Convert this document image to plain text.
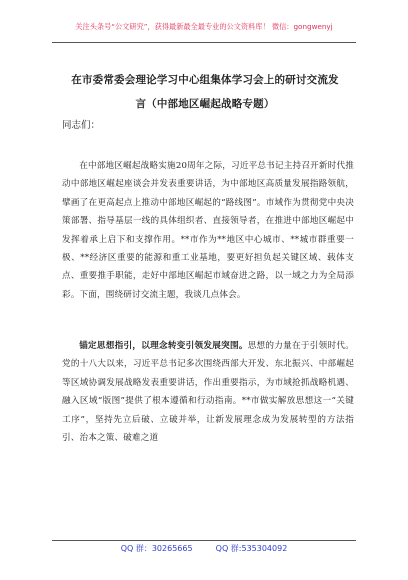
关注头条号“公文研究”，获得最新最全最专业的公文资料库！ 微信：gongwenyj
在市委常委会理论学习中心组集体学习会上的研讨交流发
言（中部地区崛起战略专题）
同志们：
在中部地区崛起战略实施20周年之际，习近平总书记主持召开新时代推动中部地区崛起座谈会并发表重要讲话，为中部地区高质量发展指路领航，擘画了在更高起点上推动中部地区崛起的“路线图”。市域作为贯彻党中央决策部署、指导基层一线的具体组织者、直接领导者，在推进中部地区崛起中发挥着承上启下和支撑作用。**市作为**地区中心城市、**城市群重要一极、**经济区重要的能源和重工业基地，要更好担负起关键区域、载体支点、重要推手职能，走好中部地区崛起市域奋进之路，以一域之力为全局添彩。下面，围绕研讨交流主题，我谈几点体会。
锚定思想指引，以理念转变引领发展突围。思想的力量在于引领时代。党的十八大以来，习近平总书记多次围绕西部大开发、东北振兴、中部崛起等区域协调发展战略发表重要讲话，作出重要指示，为市域抢抓战略机遇、融入区域“版图”提供了根本遵循和行动指南。**市做实解放思想这一“关键工序”，坚持先立后破、立破并举，让新发展理念成为发展转型的方法指引、治本之策、破难之道
QQ 群：30265665	QQ 群:535304092
